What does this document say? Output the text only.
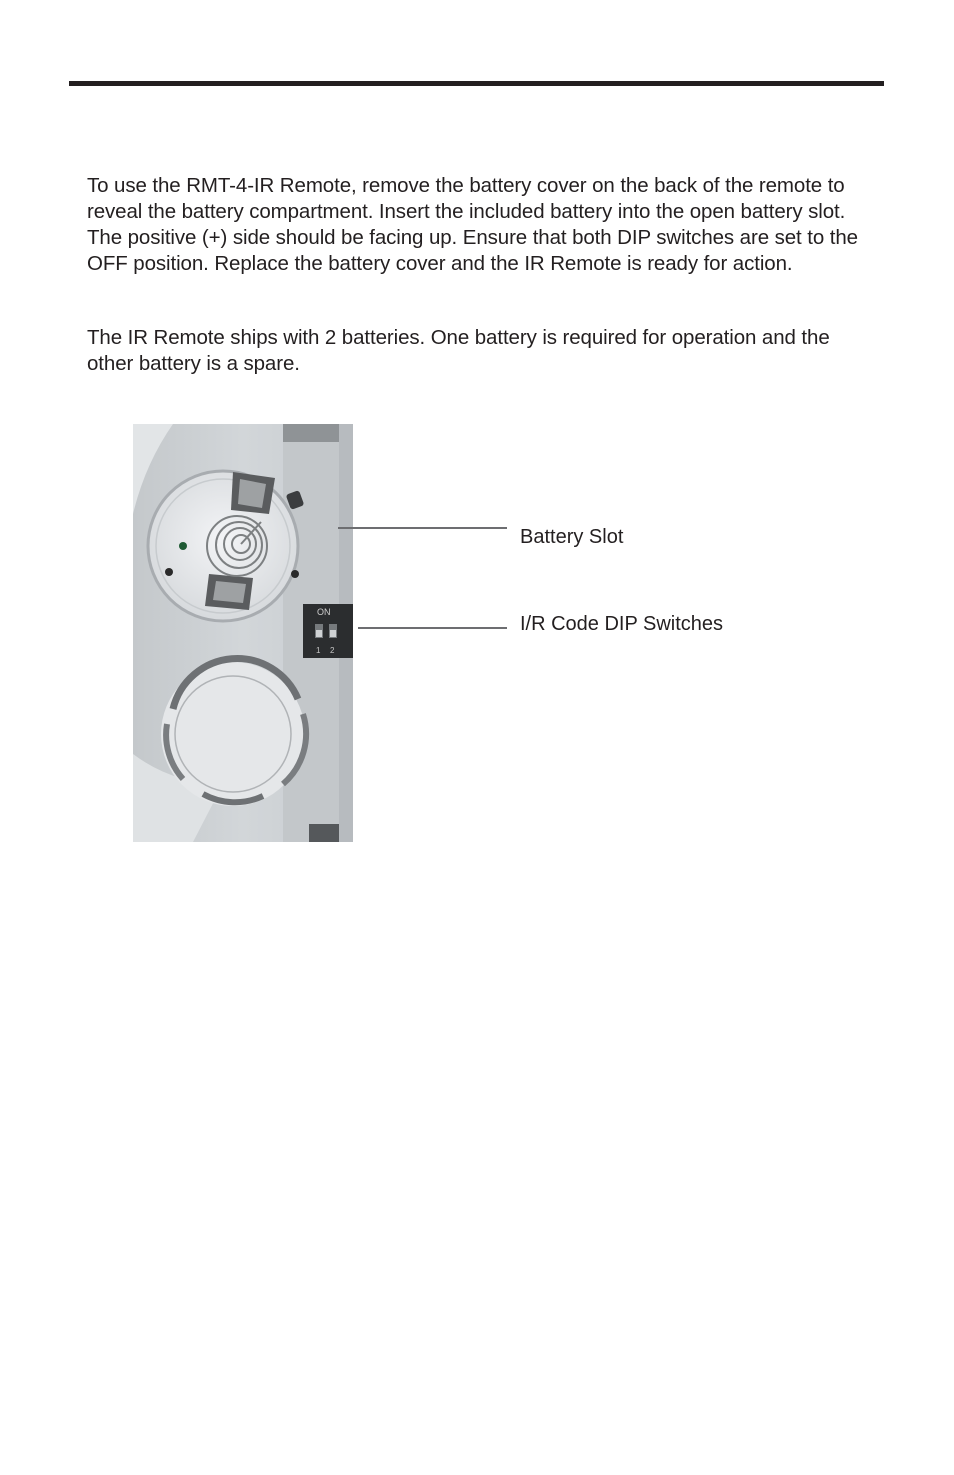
To use the RMT-4-IR Remote, remove the battery cover on the back of the remote to reveal the battery compartment. Insert the included battery into the open battery slot. The positive (+) side should be facing up. Ensure that both DIP switches are set to the OFF position. Replace the battery cover and the IR Remote is ready for action.

The IR Remote ships with 2 batteries. One battery is required for operation and the other battery is a spare.

ON
1 2
Battery Slot
I/R Code DIP Switches
